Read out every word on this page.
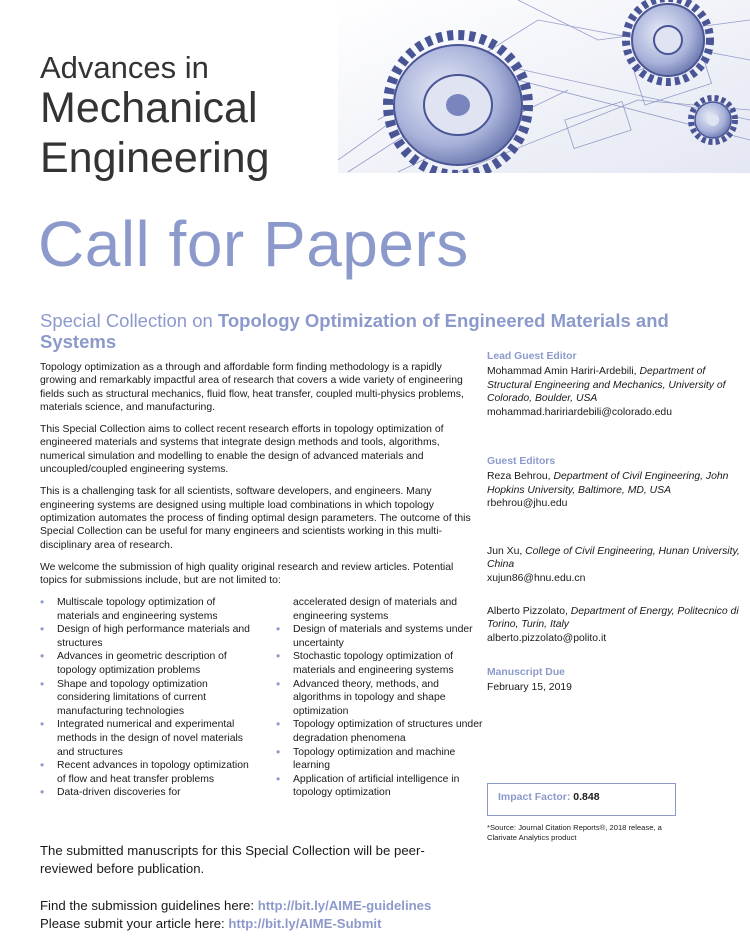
Advances in
Mechanical
Engineering
Call for Papers
Special Collection on Topology Optimization of Engineered Materials and Systems

Topology optimization as a through and affordable form finding methodology is a rapidly growing and remarkably impactful area of research that covers a wide variety of engineering fields such as structural mechanics, fluid flow, heat transfer, coupled multi-physics problems, materials science, and manufacturing.

This Special Collection aims to collect recent research efforts in topology optimization of engineered materials and systems that integrate design methods and tools, algorithms, numerical simulation and modelling to enable the design of advanced materials and uncoupled/coupled engineering systems.

This is a challenging task for all scientists, software developers, and engineers. Many engineering systems are designed using multiple load combinations in which topology optimization automates the process of finding optimal design parameters. The outcome of this Special Collection can be useful for many engineers and scientists working in this multi-disciplinary area of research.

We welcome the submission of high quality original research and review articles. Potential topics for submissions include, but are not limited to:

• Multiscale topology optimization of materials and engineering systems
• Design of high performance materials and structures
• Advances in geometric description of topology optimization problems
• Shape and topology optimization considering limitations of current manufacturing technologies
• Integrated numerical and experimental methods in the design of novel materials and structures
• Recent advances in topology optimization of flow and heat transfer problems
• Data-driven discoveries for
accelerated design of materials and engineering systems
• Design of materials and systems under uncertainty
• Stochastic topology optimization of materials and engineering systems
• Advanced theory, methods, and algorithms in topology and shape optimization
• Topology optimization of structures under degradation phenomena
• Topology optimization and machine learning
• Application of artificial intelligence in topology optimization
The submitted manuscripts for this Special Collection will be peer-reviewed before publication.
Find the submission guidelines here: http://bit.ly/AIME-guidelines
Please submit your article here: http://bit.ly/AIME-Submit
Lead Guest Editor
Mohammad Amin Hariri-Ardebili, Department of Structural Engineering and Mechanics, University of Colorado, Boulder, USA
mohammad.haririardebili@colorado.edu
Guest Editors
Reza Behrou, Department of Civil Engineering, John Hopkins University, Baltimore, MD, USA
rbehrou@jhu.edu
Jun Xu, College of Civil Engineering, Hunan University, China
xujun86@hnu.edu.cn
Alberto Pizzolato, Department of Energy, Politecnico di Torino, Turin, Italy
alberto.pizzolato@polito.it
Manuscript Due
February 15, 2019
Impact Factor: 0.848
*Source: Journal Citation Reports®, 2018 release, a Clarivate Analytics product
